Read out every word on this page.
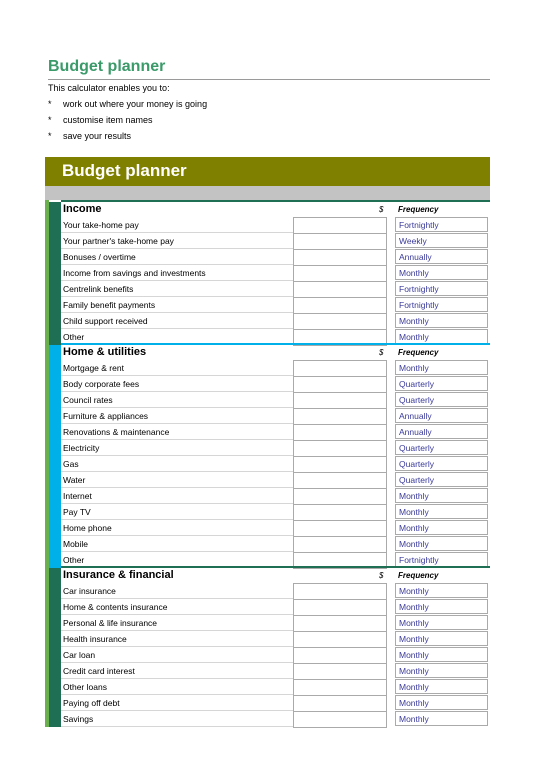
Budget planner
This calculator enables you to:
*	work out where your money is going
*	customise item names
*	save your results
Budget planner
Income	$ Frequency
Your take-home pay	Fortnightly
Your partner's take-home pay	Weekly
Bonuses / overtime	Annually
Income from savings and investments	Monthly
Centrelink benefits	Fortnightly
Family benefit payments	Fortnightly
Child support received	Monthly
Other	Monthly
Home & utilities	$ Frequency
Mortgage & rent	Monthly
Body corporate fees	Quarterly
Council rates	Quarterly
Furniture & appliances	Annually
Renovations & maintenance	Annually
Electricity	Quarterly
Gas	Quarterly
Water	Quarterly
Internet	Monthly
Pay TV	Monthly
Home phone	Monthly
Mobile	Monthly
Other	Fortnightly
Insurance & financial	$ Frequency
Car insurance	Monthly
Home & contents insurance	Monthly
Personal & life insurance	Monthly
Health insurance	Monthly
Car loan	Monthly
Credit card interest	Monthly
Other loans	Monthly
Paying off debt	Monthly
Savings	Monthly
